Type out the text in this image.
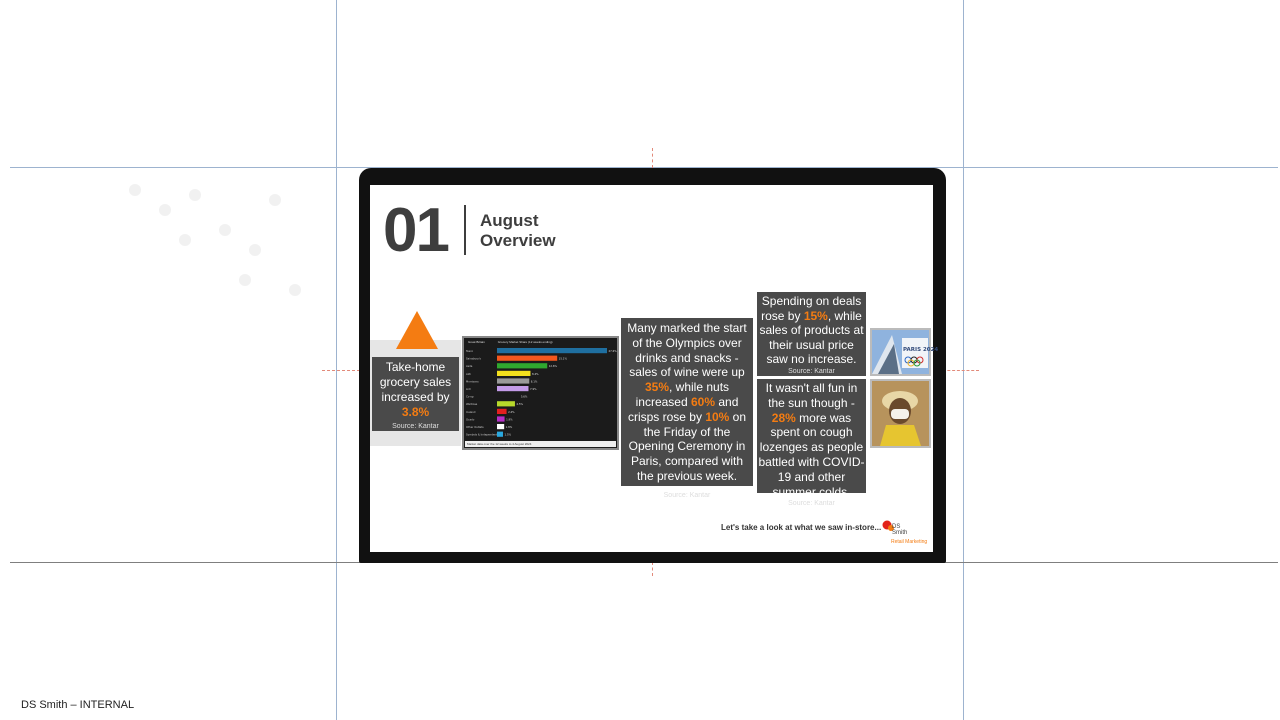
01 August
Overview
Take-home grocery sales increased by
3.8%
Source: Kantar
Tesco	27.6%
Sainsbury's	15.1%
Asda	12.6%
Aldi	8.4%
Morrisons	8.1%
Lidl	7.9%
Co-op	5.6%
Waitrose	4.5%
Iceland	2.4%
Ocado	1.9%
Other Outlets	1.8%
Symbols & Independent	1.5%
Great Britain	Grocery Market Share (12 weeks ending)
Market data over the 12 weeks to 4 August 2024
Many marked the start of the Olympics over drinks and snacks - sales of wine were up 35%, while nuts increased 60% and crisps rose by 10% on the Friday of the Opening Ceremony in Paris, compared with the previous week.
Source: Kantar
Spending on deals rose by 15%, while sales of products at their usual price saw no increase.
Source: Kantar
It wasn't all fun in the sun though - 28% more was spent on cough lozenges as people battled with COVID-19 and other summer colds.
Source: Kantar
PARIS 2024
Let's take a look at what we saw in-store... DS
Smith
Retail Marketing
DS Smith – INTERNAL
